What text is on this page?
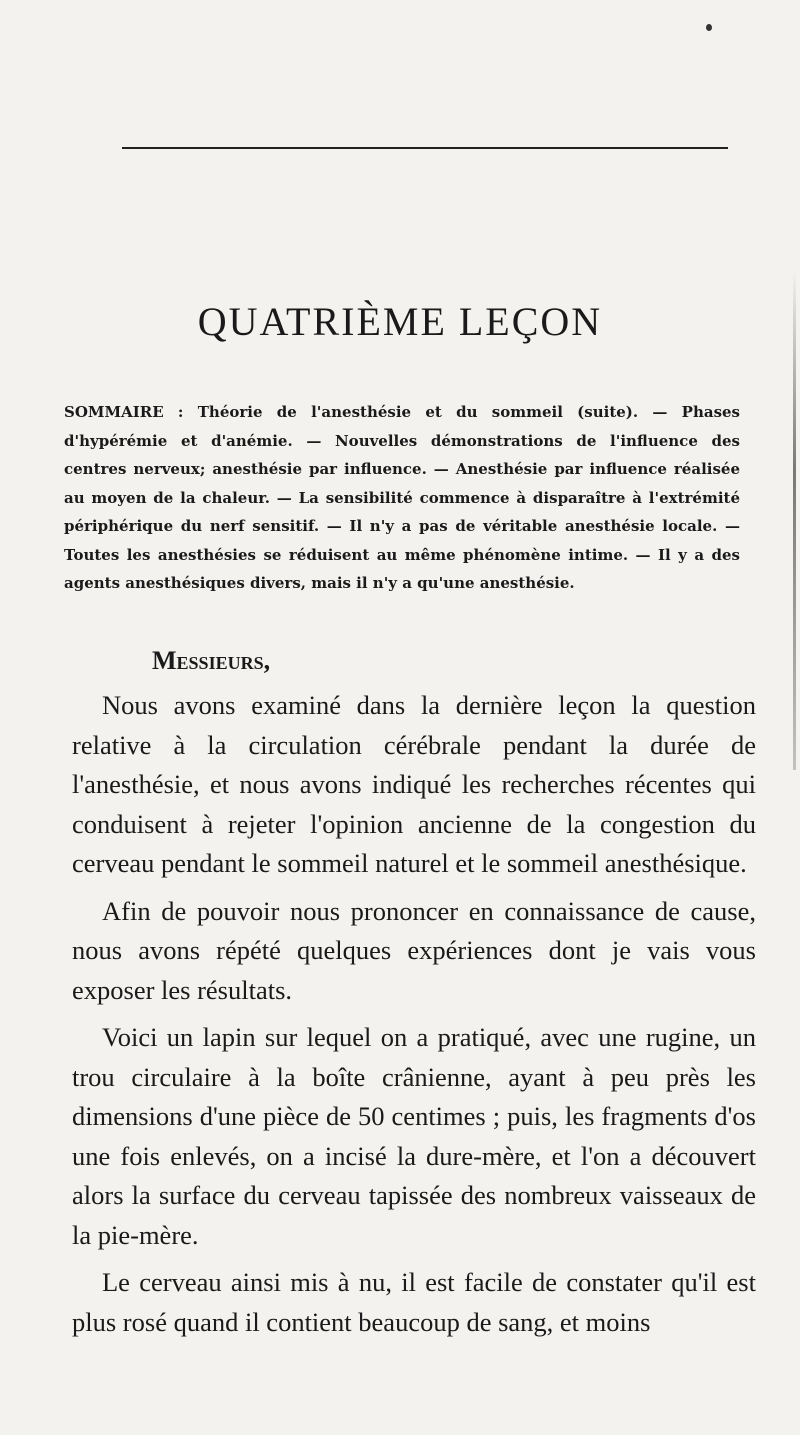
QUATRIÈME LEÇON

SOMMAIRE : Théorie de l'anesthésie et du sommeil (suite). — Phases d'hypérémie et d'anémie. — Nouvelles démonstrations de l'influence des centres nerveux; anesthésie par influence. — Anesthésie par influence réalisée au moyen de la chaleur. — La sensibilité commence à disparaître à l'extrémité périphérique du nerf sensitif. — Il n'y a pas de véritable anesthésie locale. — Toutes les anesthésies se réduisent au même phénomène intime. — Il y a des agents anesthésiques divers, mais il n'y a qu'une anesthésie.

Messieurs,

Nous avons examiné dans la dernière leçon la question relative à la circulation cérébrale pendant la durée de l'anesthésie, et nous avons indiqué les recherches récentes qui conduisent à rejeter l'opinion ancienne de la congestion du cerveau pendant le sommeil naturel et le sommeil anesthésique.

Afin de pouvoir nous prononcer en connaissance de cause, nous avons répété quelques expériences dont je vais vous exposer les résultats.

Voici un lapin sur lequel on a pratiqué, avec une rugine, un trou circulaire à la boîte crânienne, ayant à peu près les dimensions d'une pièce de 50 centimes ; puis, les fragments d'os une fois enlevés, on a incisé la dure-mère, et l'on a découvert alors la surface du cerveau tapissée des nombreux vaisseaux de la pie-mère.

Le cerveau ainsi mis à nu, il est facile de constater qu'il est plus rosé quand il contient beaucoup de sang, et moins
